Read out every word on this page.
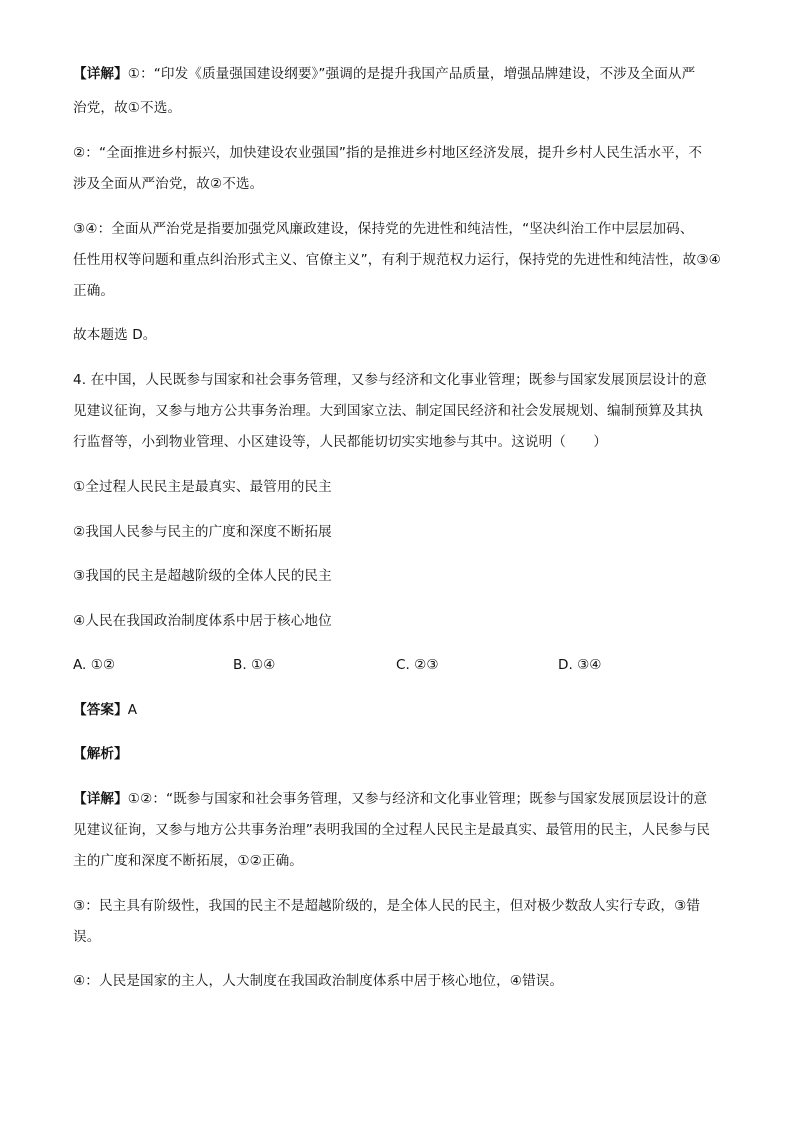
【详解】①：“印发《质量强国建设纲要》”强调的是提升我国产品质量，增强品牌建设，不涉及全面从严
治党，故①不选。
②：“全面推进乡村振兴，加快建设农业强国”指的是推进乡村地区经济发展，提升乡村人民生活水平，不
涉及全面从严治党，故②不选。
③④：全面从严治党是指要加强党风廉政建设，保持党的先进性和纯洁性，“坚决纠治工作中层层加码、
任性用权等问题和重点纠治形式主义、官僚主义”，有利于规范权力运行，保持党的先进性和纯洁性，故③④
正确。
故本题选 D。
4. 在中国，人民既参与国家和社会事务管理，又参与经济和文化事业管理；既参与国家发展顶层设计的意
见建议征询，又参与地方公共事务治理。大到国家立法、制定国民经济和社会发展规划、编制预算及其执
行监督等，小到物业管理、小区建设等，人民都能切切实实地参与其中。这说明（　　）
①全过程人民民主是最真实、最管用的民主
②我国人民参与民主的广度和深度不断拓展
③我国的民主是超越阶级的全体人民的民主
④人民在我国政治制度体系中居于核心地位
A. ①②	B. ①④	C. ②③	D. ③④
【答案】A
【解析】
【详解】①②：“既参与国家和社会事务管理，又参与经济和文化事业管理；既参与国家发展顶层设计的意
见建议征询，又参与地方公共事务治理”表明我国的全过程人民民主是最真实、最管用的民主，人民参与民
主的广度和深度不断拓展，①②正确。
③：民主具有阶级性，我国的民主不是超越阶级的，是全体人民的民主，但对极少数敌人实行专政，③错
误。
④：人民是国家的主人，人大制度在我国政治制度体系中居于核心地位，④错误。
